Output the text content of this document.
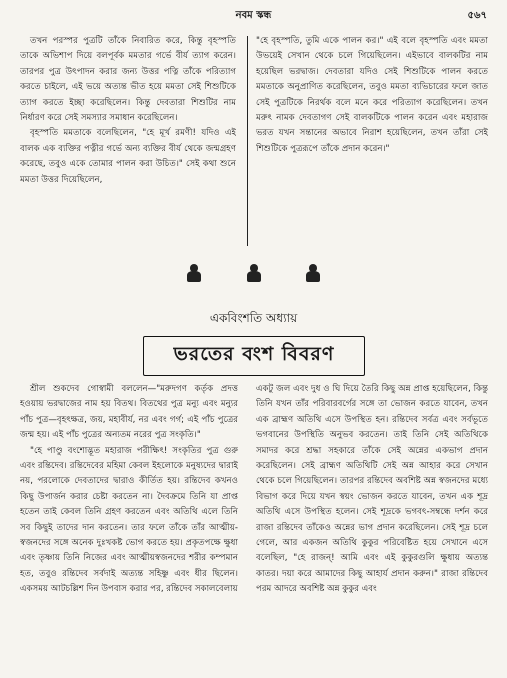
নবম স্কন্ধ	৫৬৭

তখন পরস্পর পুত্রটি তাঁকে নিবারিত করে, কিন্তু বৃহস্পতি তাকে অভিশাপ দিয়ে বলপূর্বক মমতার গর্ভে বীর্য ত্যাগ করেন। তারপর পুত্র উৎপাদন করার জন্য উত্তর পত্নি তাঁকে পরিত্যাগ করতে চাইলে, এই ভয়ে অত্যন্ত ভীত হয়ে মমতা সেই শিশুটিকে ত্যাগ করতে ইচ্ছা করেছিলেন। কিন্তু দেবতারা শিশুটির নাম নির্ধারণ করে সেই সমস্যার সমাধান করেছিলেন।

বৃহস্পতি মমতাকে বলেছিলেন, "হে মূর্খ রমণী! যদিও এই বালক এক ব্যক্তির পত্নীর গর্ভে অন্য ব্যক্তির বীর্য থেকে জন্মগ্রহণ করেছে, তবুও একে তোমার পালন করা উচিত।" সেই কথা শুনে মমতা উত্তর দিয়েছিলেন,

"হে বৃহস্পতি, তুমি একে পালন কর।" এই বলে বৃহস্পতি এবং মমতা উভয়েই সেখান থেকে চলে গিয়েছিলেন। এইভাবে বালকটির নাম হয়েছিল ভরদ্বাজ। দেবতারা যদিও সেই শিশুটিকে পালন করতে মমতাকে অনুপ্রাণিত করেছিলেন, তবুও মমতা ব্যভিচারের ফলে জাত সেই পুত্রটিকে নিরর্থক বলে মনে করে পরিত্যাগ করেছিলেন। তখন মরুৎ নামক দেবতাগণ সেই বালকটিকে পালন করেন এবং মহারাজ ভরত যখন সন্তানের অভাবে নিরাশ হয়েছিলেন, তখন তাঁরা সেই শিশুটিকে পুত্ররূপে তাঁকে প্রদান করেন।"

একবিংশতি অধ্যায়
ভরতের বংশ বিবরণ

শ্রীল শুকদেব গোস্বামী বললেন—"মরুদগণ কর্তৃক প্রদত্ত হওয়ায় ভরদ্বাজের নাম হয় বিতথ। বিতথের পুত্র মন্যু এবং মন্যুর পাঁচ পুত্র—বৃহৎক্ষত্র, জয়, মহাবীর্য, নর এবং গর্গ; এই পাঁচ পুত্রের জন্ম হয়। এই পাঁচ পুত্রের অন্যতম নরের পুত্র সংকৃতি।"

"হে পাণ্ডু বংশোদ্ভূত মহারাজ পরীক্ষিৎ! সংকৃতির পুত্র গুরু এবং রন্তিদেব। রন্তিদেবের মহিমা কেবল ইহলোকে মনুষ্যদের দ্বারাই নয়, পরলোকে দেবতাদের দ্বারাও কীর্তিত হয়। রন্তিদেব কখনও কিছু উপার্জন করার চেষ্টা করতেন না। দৈবক্রমে তিনি যা প্রাপ্ত হতেন তাই কেবল তিনি গ্রহণ করতেন এবং অতিথি এলে তিনি সব কিছুই তাদের দান করতেন। তার ফলে তাঁকে তাঁর আত্মীয়-স্বজনদের সঙ্গে অনেক দুঃখকষ্ট ভোগ করতে হয়। প্রকৃতপক্ষে ক্ষুধা এবং তৃষ্ণায় তিনি নিজের এবং আত্মীয়স্বজনদের শরীর কম্পমান হত, তবুও রন্তিদেব সর্বদাই অত্যন্ত সহিষ্ণু এবং ধীর ছিলেন। একসময় আটচল্লিশ দিন উপবাস করার পর, রন্তিদেব সকালবেলায়

একটু জল এবং দুধ ও ঘি দিয়ে তৈরি কিছু অন্ন প্রাপ্ত হয়েছিলেন, কিন্তু তিনি যখন তাঁর পরিবারবর্গের সঙ্গে তা ভোজন করতে যাবেন, তখন এক ব্রাহ্মণ অতিথি এসে উপস্থিত হন। রন্তিদেব সর্বত্র এবং সর্বভূতে ভগবানের উপস্থিতি অনুভব করতেন। তাই তিনি সেই অতিথিকে সমাদর করে শ্রদ্ধা সহকারে তাঁকে সেই অন্নের একভাগ প্রদান করেছিলেন। সেই ব্রাহ্মণ অতিথিটি সেই অন্ন আহার করে সেখান থেকে চলে গিয়েছিলেন। তারপর রন্তিদেব অবশিষ্ট অন্ন স্বজনদের মধ্যে বিভাগ করে দিয়ে যখন স্বয়ং ভোজন করতে যাবেন, তখন এক শূদ্র অতিথি এসে উপস্থিত হলেন। সেই শূদ্রকে ভগবৎ-সম্বন্ধে দর্শন করে রাজা রন্তিদেব তাঁকেও অন্নের ভাগ প্রদান করেছিলেন। সেই শূদ্র চলে গেলে, আর একজন অতিথি কুকুর পরিবেষ্টিত হয়ে সেখানে এসে বলেছিল, "হে রাজন্! আমি এবং এই কুকুরগুলি ক্ষুধায় অত্যন্ত কাতর। দয়া করে আমাদের কিছু আহার্য প্রদান করুন।" রাজা রন্তিদেব পরম আদরে অবশিষ্ট অন্ন কুকুর এবং
